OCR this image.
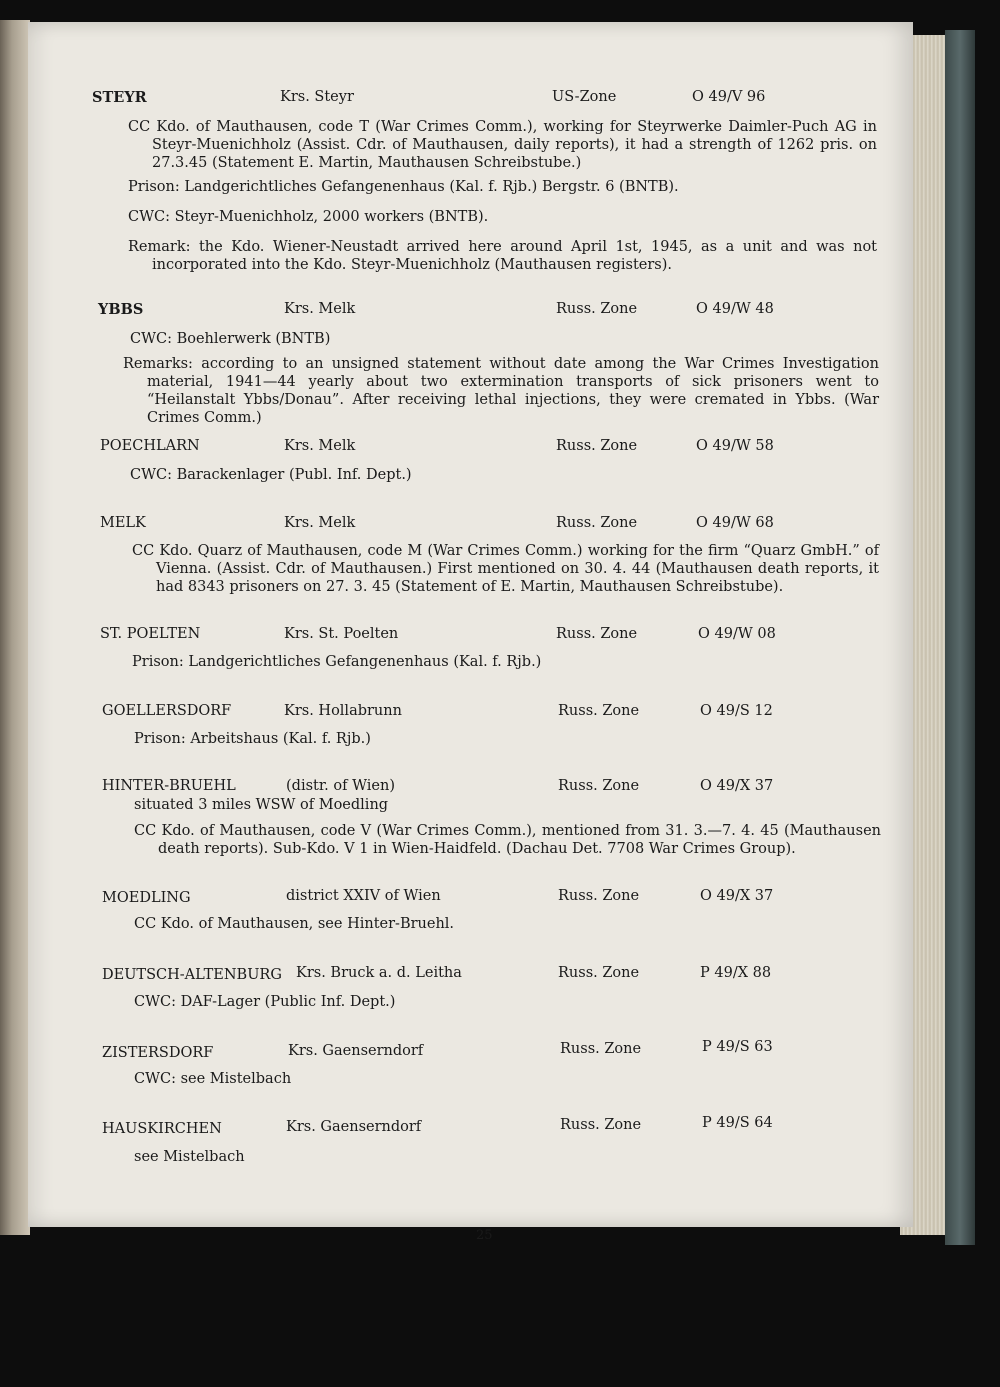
STEYR	Krs. Steyr	US-Zone	O 49/V 96
CC Kdo. of Mauthausen, code T (War Crimes Comm.), working for Steyrwerke Daimler-Puch AG in Steyr-Muenichholz (Assist. Cdr. of Mauthausen, daily reports), it had a strength of 1262 pris. on 27.3.45 (Statement E. Martin, Mauthausen Schreibstube.)
Prison: Landgerichtliches Gefangenenhaus (Kal. f. Rjb.) Bergstr. 6 (BNTB).
CWC: Steyr-Muenichholz, 2000 workers (BNTB).
Remark: the Kdo. Wiener-Neustadt arrived here around April 1st, 1945, as a unit and was not incorporated into the Kdo. Steyr-Muenichholz (Mauthausen registers).
YBBS	Krs. Melk	Russ. Zone	O 49/W 48
CWC: Boehlerwerk (BNTB)
Remarks: according to an unsigned statement without date among the War Crimes Investigation material, 1941—44 yearly about two extermination transports of sick prisoners went to “Heilanstalt Ybbs/Donau”. After receiving lethal injections, they were cremated in Ybbs. (War Crimes Comm.)
POECHLARN	Krs. Melk	Russ. Zone	O 49/W 58
CWC: Barackenlager (Publ. Inf. Dept.)
MELK	Krs. Melk	Russ. Zone	O 49/W 68
CC Kdo. Quarz of Mauthausen, code M (War Crimes Comm.) working for the firm “Quarz GmbH.” of Vienna. (Assist. Cdr. of Mauthausen.) First mentioned on 30. 4. 44 (Mauthausen death reports, it had 8343 prisoners on 27. 3. 45 (Statement of E. Martin, Mauthausen Schreibstube).
ST. POELTEN	Krs. St. Poelten	Russ. Zone	O 49/W 08
Prison: Landgerichtliches Gefangenenhaus (Kal. f. Rjb.)
GOELLERSDORF	Krs. Hollabrunn	Russ. Zone	O 49/S 12
Prison: Arbeitshaus (Kal. f. Rjb.)
HINTER-BRUEHL	(distr. of Wien)	Russ. Zone	O 49/X 37
situated 3 miles WSW of Moedling
CC Kdo. of Mauthausen, code V (War Crimes Comm.), mentioned from 31. 3.—7. 4. 45 (Mauthausen death reports). Sub-Kdo. V 1 in Wien-Haidfeld. (Dachau Det. 7708 War Crimes Group).
MOEDLING	district XXIV of Wien	Russ. Zone	O 49/X 37
CC Kdo. of Mauthausen, see Hinter-Bruehl.
DEUTSCH-ALTENBURG Krs. Bruck a. d. Leitha	Russ. Zone	P 49/X 88
CWC: DAF-Lager (Public Inf. Dept.)
ZISTERSDORF	Krs. Gaenserndorf	Russ. Zone	P 49/S 63
CWC: see Mistelbach
HAUSKIRCHEN	Krs. Gaenserndorf	Russ. Zone	P 49/S 64
see Mistelbach
25
